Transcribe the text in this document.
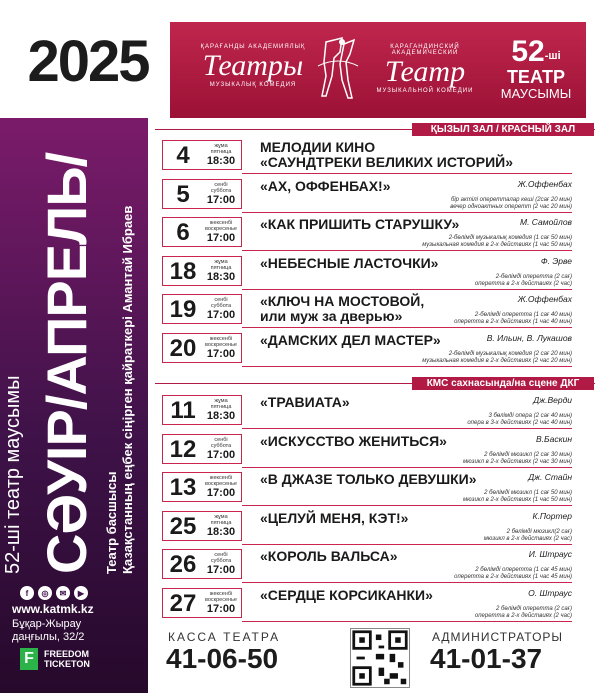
2025	ҚАРАҒАНДЫ АКАДЕМИЯЛЫҚ
Театры
МУЗЫКАЛЫҚ КОМЕДИЯ
КАРАГАНДИНСКИЙ АКАДЕМИЧЕСКИЙ
Театр
МУЗЫКАЛЬНОЙ КОМЕДИИ
$52^{-ші}$
ТЕАТР
МАУСЫМЫ
52-ші театр маусымы СӘУІР/АПРЕЛЬ/ Театр басшысы Қазақстанның еңбек сіңірген қайраткері Амантай Ибраев
f	◎	✉	▶
www.katmk.kz
Бұқар-Жырау
даңғылы, 32/2
F	FREEDOM
TICKETON
ҚЫЗЫЛ ЗАЛ / КРАСНЫЙ ЗАЛ
КМС сахнасында/на сцене ДКГ
4	жұма
пятница
18:30
МЕЛОДИИ КИНО
«САУНДТРЕКИ ВЕЛИКИХ ИСТОРИЙ»
5	сенбі
суббота
17:00
«АХ, ОФФЕНБАХ!»	Ж.Оффенбах
бір актілі оперетталар кеші (2сағ 20 мин)
вечер одноактных оперетт (2 час 20 мин)
6	жексенбі
воскресенье
17:00
«КАК ПРИШИТЬ СТАРУШКУ»	М. Самойлов
2-бөлімді музыкалық комедия (1 сағ 50 мин)
музыкальная комедия в 2-х действиях (1 час 50 мин)
18	жұма
пятница
18:30
«НЕБЕСНЫЕ ЛАСТОЧКИ»	Ф. Эрве
2-бөлімді оперетта (2 сағ)
оперетта в 2-х действиях (2 час)
19	сенбі
суббота
17:00
«КЛЮЧ НА МОСТОВОЙ,
или муж за дверью»
Ж.Оффенбах
2-бөлімді оперетта (1 сағ 40 мин)
оперетта в 2-х действиях (1 час 40 мин)
20	жексенбі
воскресенье
17:00
«ДАМСКИХ ДЕЛ МАСТЕР»	В. Ильин, В. Лукашов
2-бөлімді музыкалық комедия (2 сағ 20 мин)
музыкальная комедия в 2-х действиях (2 час 20 мин)
11	жұма
пятница
18:30
«ТРАВИАТА»	Дж.Верди
3 бөлімді опера (2 сағ 40 мин)
опера в 3-х действиях (2 час 40 мин)
12	сенбі
суббота
17:00
«ИСКУССТВО ЖЕНИТЬСЯ»	В.Баскин
2 бөлімді мюзикл (2 сағ 30 мин)
мюзикл в 2-х действиях (2 час 30 мин)
13	жексенбі
воскресенье
17:00
«В ДЖАЗЕ ТОЛЬКО ДЕВУШКИ»	Дж. Стайн
2 бөлімді мюзикл (1 сағ 50 мин)
мюзикл в 2-х действиях (1 час 50 мин)
25	жұма
пятница
18:30
«ЦЕЛУЙ МЕНЯ, КЭТ!»	К.Портер
2 бөлімді мюзикл(2 сағ)
мюзикл в 2-х действиях (2 час)
26	сенбі
суббота
17:00
«КОРОЛЬ ВАЛЬСА»	И. Штраус
2 бөлімді оперетта (1 сағ 45 мин)
оперетта в 2-х действиях (1 час 45 мин)
27	жексенбі
воскресенье
17:00
«СЕРДЦЕ КОРСИКАНКИ»	О. Штраус
2 бөлімді оперетта (2 сағ)
оперетта в 2-х действиях (2 час)
КАССА ТЕАТРА
41-06-50
АДМИНИСТРАТОРЫ
41-01-37
